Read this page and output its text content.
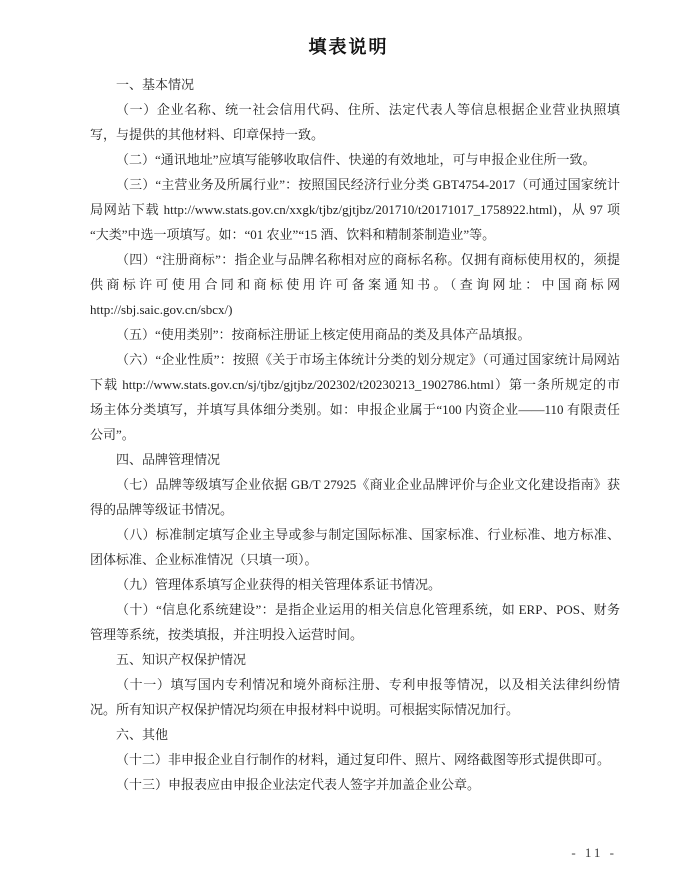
填表说明

一、基本情况

（一）企业名称、统一社会信用代码、住所、法定代表人等信息根据企业营业执照填写，与提供的其他材料、印章保持一致。

（二）“通讯地址”应填写能够收取信件、快递的有效地址，可与申报企业住所一致。

（三）“主营业务及所属行业”：按照国民经济行业分类 GBT4754-2017（可通过国家统计局网站下载 http://www.stats.gov.cn/xxgk/tjbz/gjtjbz/201710/t20171017_1758922.html)，从 97 项“大类”中选一项填写。如：“01 农业”“15 酒、饮料和精制茶制造业”等。

（四）“注册商标”：指企业与品牌名称相对应的商标名称。仅拥有商标使用权的，须提供商标许可使用合同和商标使用许可备案通知书。（查询网址：中国商标网 http://sbj.saic.gov.cn/sbcx/)

（五）“使用类别”：按商标注册证上核定使用商品的类及具体产品填报。

（六）“企业性质”：按照《关于市场主体统计分类的划分规定》（可通过国家统计局网站下载 http://www.stats.gov.cn/sj/tjbz/gjtjbz/202302/t20230213_1902786.html）第一条所规定的市场主体分类填写，并填写具体细分类别。如：申报企业属于“100 内资企业——110 有限责任公司”。

四、品牌管理情况

（七）品牌等级填写企业依据 GB/T 27925《商业企业品牌评价与企业文化建设指南》获得的品牌等级证书情况。

（八）标准制定填写企业主导或参与制定国际标准、国家标准、行业标准、地方标准、团体标准、企业标准情况（只填一项）。

（九）管理体系填写企业获得的相关管理体系证书情况。

（十）“信息化系统建设”：是指企业运用的相关信息化管理系统，如 ERP、POS、财务管理等系统，按类填报，并注明投入运营时间。

五、知识产权保护情况

（十一）填写国内专利情况和境外商标注册、专利申报等情况，以及相关法律纠纷情况。所有知识产权保护情况均须在申报材料中说明。可根据实际情况加行。

六、其他

（十二）非申报企业自行制作的材料，通过复印件、照片、网络截图等形式提供即可。

（十三）申报表应由申报企业法定代表人签字并加盖企业公章。

- 11 -
